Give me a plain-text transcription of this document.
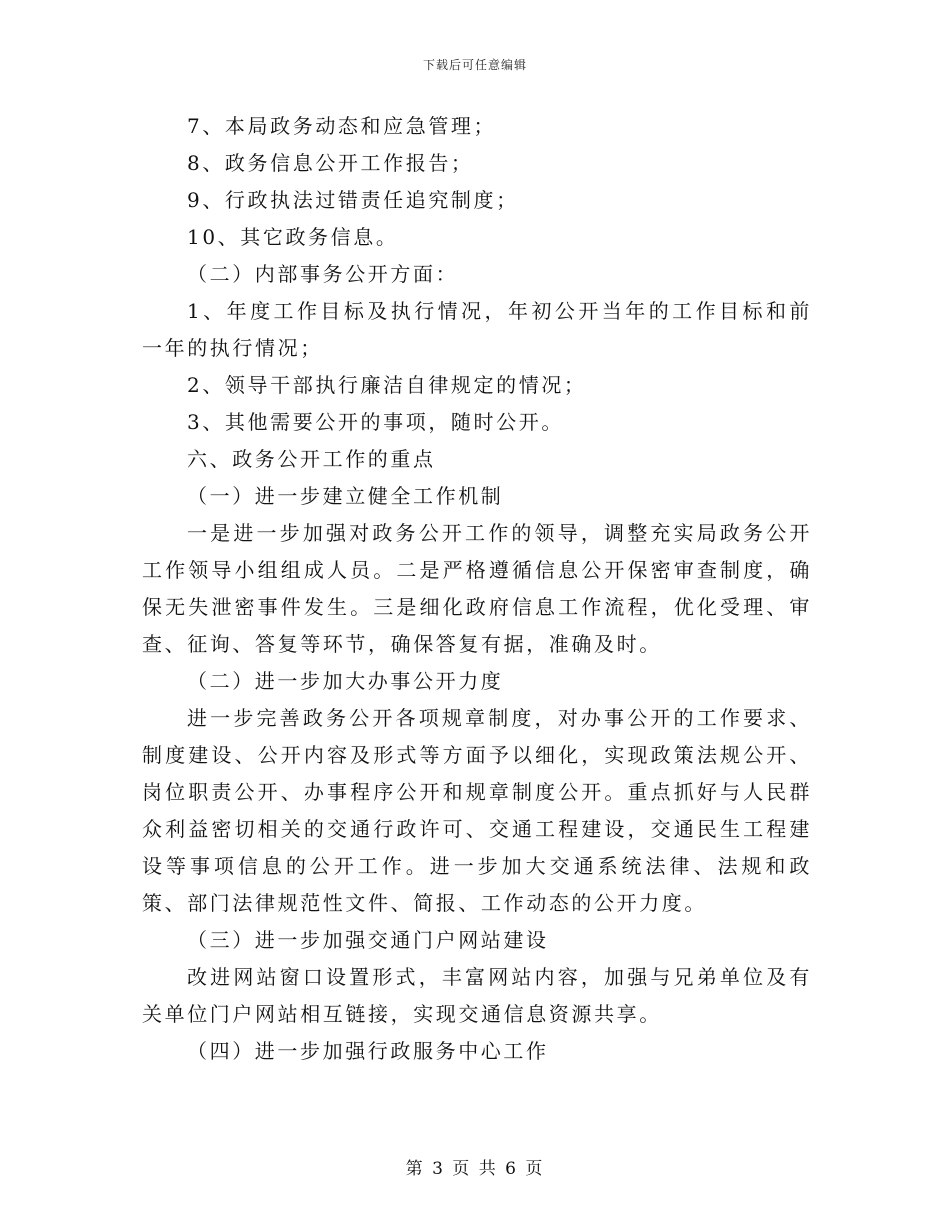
下载后可任意编辑

7、本局政务动态和应急管理；

8、政务信息公开工作报告；

9、行政执法过错责任追究制度；

10、其它政务信息。

（二）内部事务公开方面：

1、年度工作目标及执行情况，年初公开当年的工作目标和前一年的执行情况；

2、领导干部执行廉洁自律规定的情况；

3、其他需要公开的事项，随时公开。

六、政务公开工作的重点

（一）进一步建立健全工作机制

一是进一步加强对政务公开工作的领导，调整充实局政务公开工作领导小组组成人员。二是严格遵循信息公开保密审查制度，确保无失泄密事件发生。三是细化政府信息工作流程，优化受理、审查、征询、答复等环节，确保答复有据，准确及时。

（二）进一步加大办事公开力度

进一步完善政务公开各项规章制度，对办事公开的工作要求、制度建设、公开内容及形式等方面予以细化，实现政策法规公开、岗位职责公开、办事程序公开和规章制度公开。重点抓好与人民群众利益密切相关的交通行政许可、交通工程建设，交通民生工程建设等事项信息的公开工作。进一步加大交通系统法律、法规和政策、部门法律规范性文件、简报、工作动态的公开力度。

（三）进一步加强交通门户网站建设

改进网站窗口设置形式，丰富网站内容，加强与兄弟单位及有关单位门户网站相互链接，实现交通信息资源共享。

（四）进一步加强行政服务中心工作

第 3 页 共 6 页
